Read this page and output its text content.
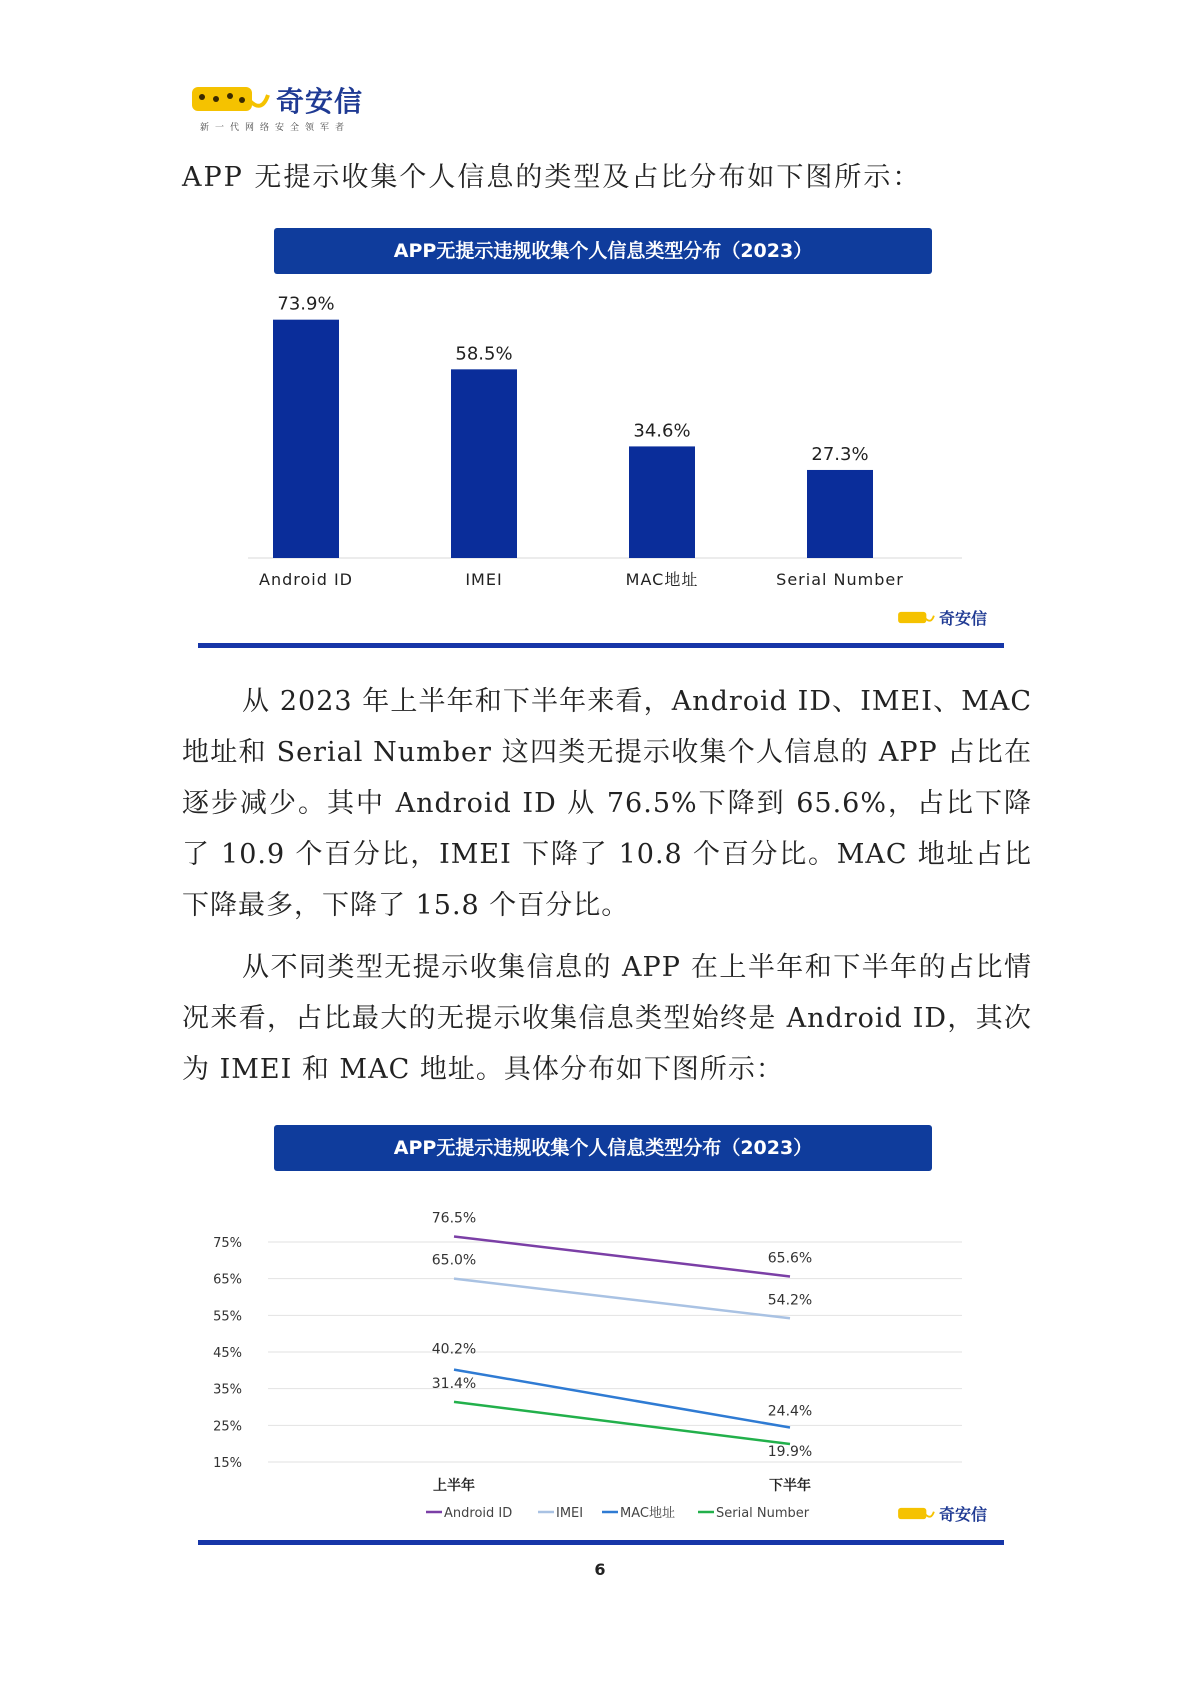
奇安信
新一代网络安全领军者
APP 无提示收集个人信息的类型及占比分布如下图所示：
APP无提示违规收集个人信息类型分布（2023）
73.9%
Android ID
58.5%
IMEI
34.6%
MAC地址
27.3%
Serial Number
奇安信

从 2023 年上半年和下半年来看，Android ID、IMEI、MAC 地址和 Serial Number 这四类无提示收集个人信息的 APP 占比在逐步减少。其中 Android ID 从 76.5%下降到 65.6%，占比下降了 10.9 个百分比，IMEI 下降了 10.8 个百分比。MAC 地址占比下降最多，下降了 15.8 个百分比。

从不同类型无提示收集信息的 APP 在上半年和下半年的占比情况来看，占比最大的无提示收集信息类型始终是 Android ID，其次为 IMEI 和 MAC 地址。具体分布如下图所示：

APP无提示违规收集个人信息类型分布（2023）
75%
65%
55%
45%
35%
25%
15%
上半年	下半年
76.5%
65.6%
65.0%
54.2%
40.2%
24.4%
31.4%
19.9%
Android ID	IMEI	MAC地址	Serial Number	奇安信
6
